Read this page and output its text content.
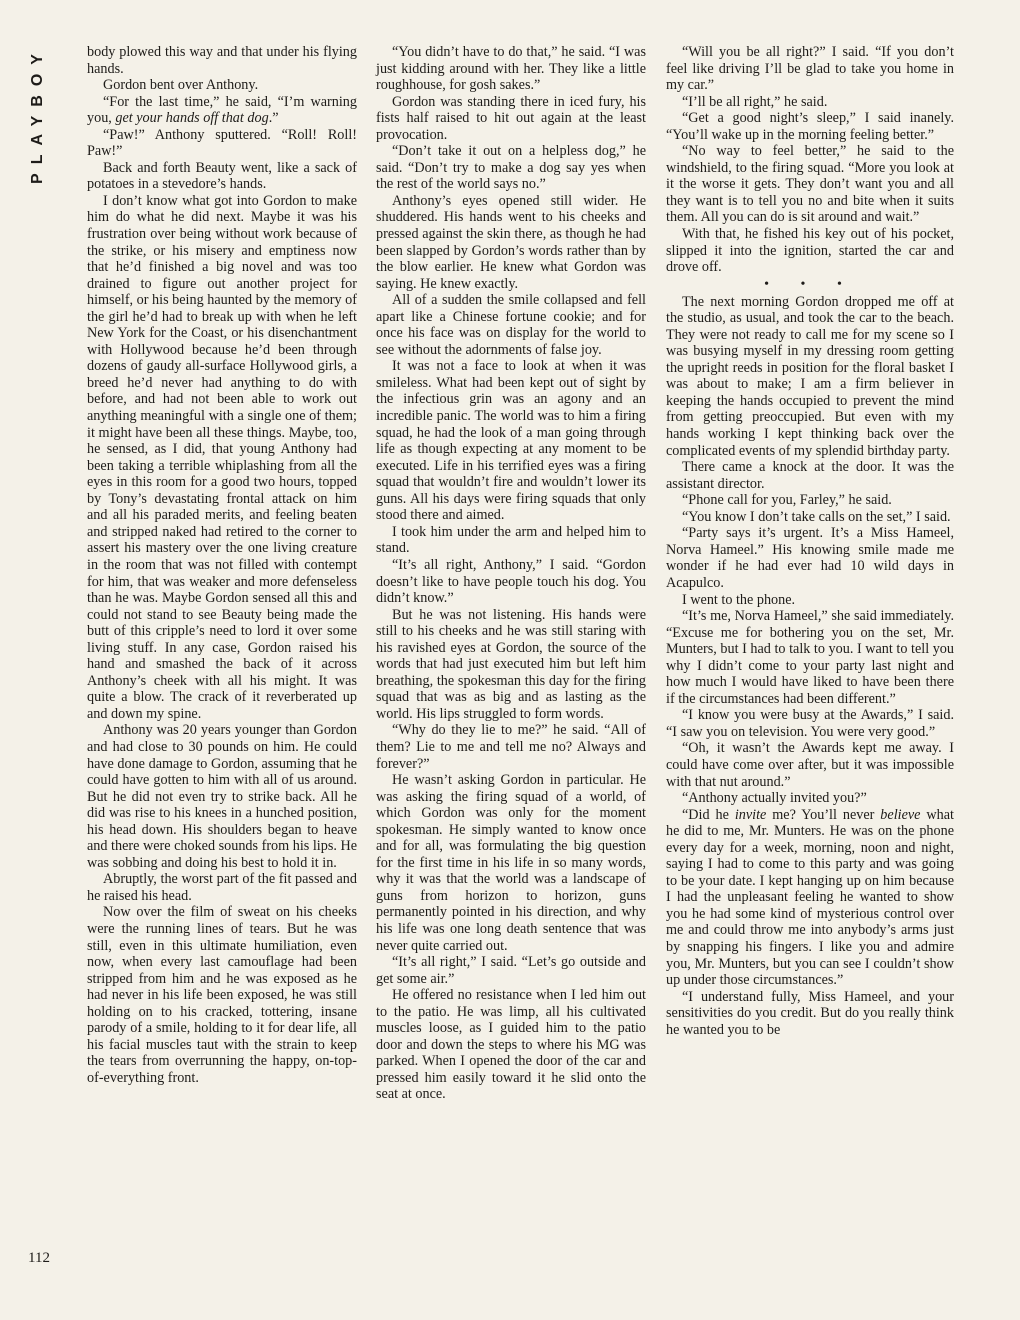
PLAYBOY
112

body plowed this way and that under his flying hands.

Gordon bent over Anthony.

“For the last time,” he said, “I’m warning you, get your hands off that dog.”

“Paw!” Anthony sputtered. “Roll! Roll! Paw!”

Back and forth Beauty went, like a sack of potatoes in a stevedore’s hands.

I don’t know what got into Gordon to make him do what he did next. Maybe it was his frustration over being without work because of the strike, or his misery and emptiness now that he’d finished a big novel and was too drained to figure out another project for himself, or his being haunted by the memory of the girl he’d had to break up with when he left New York for the Coast, or his disenchantment with Hollywood because he’d been through dozens of gaudy all-surface Hollywood girls, a breed he’d never had anything to do with before, and had not been able to work out anything meaningful with a single one of them; it might have been all these things. Maybe, too, he sensed, as I did, that young Anthony had been taking a terrible whiplashing from all the eyes in this room for a good two hours, topped by Tony’s devastating frontal attack on him and all his paraded merits, and feeling beaten and stripped naked had retired to the corner to assert his mastery over the one living creature in the room that was not filled with contempt for him, that was weaker and more defenseless than he was. Maybe Gordon sensed all this and could not stand to see Beauty being made the butt of this cripple’s need to lord it over some living stuff. In any case, Gordon raised his hand and smashed the back of it across Anthony’s cheek with all his might. It was quite a blow. The crack of it reverberated up and down my spine.

Anthony was 20 years younger than Gordon and had close to 30 pounds on him. He could have done damage to Gordon, assuming that he could have gotten to him with all of us around. But he did not even try to strike back. All he did was rise to his knees in a hunched position, his head down. His shoulders began to heave and there were choked sounds from his lips. He was sobbing and doing his best to hold it in.

Abruptly, the worst part of the fit passed and he raised his head.

Now over the film of sweat on his cheeks were the running lines of tears. But he was still, even in this ultimate humiliation, even now, when every last camouflage had been stripped from him and he was exposed as he had never in his life been exposed, he was still holding on to his cracked, tottering, insane parody of a smile, holding to it for dear life, all his facial muscles taut with the strain to keep the tears from overrunning the happy, on-top-of-everything front.

“You didn’t have to do that,” he said. “I was just kidding around with her. They like a little roughhouse, for gosh sakes.”

Gordon was standing there in iced fury, his fists half raised to hit out again at the least provocation.

“Don’t take it out on a helpless dog,” he said. “Don’t try to make a dog say yes when the rest of the world says no.”

Anthony’s eyes opened still wider. He shuddered. His hands went to his cheeks and pressed against the skin there, as though he had been slapped by Gordon’s words rather than by the blow earlier. He knew what Gordon was saying. He knew exactly.

All of a sudden the smile collapsed and fell apart like a Chinese fortune cookie; and for once his face was on display for the world to see without the adornments of false joy.

It was not a face to look at when it was smileless. What had been kept out of sight by the infectious grin was an agony and an incredible panic. The world was to him a firing squad, he had the look of a man going through life as though expecting at any moment to be executed. Life in his terrified eyes was a firing squad that wouldn’t fire and wouldn’t lower its guns. All his days were firing squads that only stood there and aimed.

I took him under the arm and helped him to stand.

“It’s all right, Anthony,” I said. “Gordon doesn’t like to have people touch his dog. You didn’t know.”

But he was not listening. His hands were still to his cheeks and he was still staring with his ravished eyes at Gordon, the source of the words that had just executed him but left him breathing, the spokesman this day for the firing squad that was as big and as lasting as the world. His lips struggled to form words.

“Why do they lie to me?” he said. “All of them? Lie to me and tell me no? Always and forever?”

He wasn’t asking Gordon in particular. He was asking the firing squad of a world, of which Gordon was only for the moment spokesman. He simply wanted to know once and for all, was formulating the big question for the first time in his life in so many words, why it was that the world was a landscape of guns from horizon to horizon, guns permanently pointed in his direction, and why his life was one long death sentence that was never quite carried out.

“It’s all right,” I said. “Let’s go outside and get some air.”

He offered no resistance when I led him out to the patio. He was limp, all his cultivated muscles loose, as I guided him to the patio door and down the steps to where his MG was parked. When I opened the door of the car and pressed him easily toward it he slid onto the seat at once.

“Will you be all right?” I said. “If you don’t feel like driving I’ll be glad to take you home in my car.”

“I’ll be all right,” he said.

“Get a good night’s sleep,” I said inanely. “You’ll wake up in the morning feeling better.”

“No way to feel better,” he said to the windshield, to the firing squad. “More you look at it the worse it gets. They don’t want you and all they want is to tell you no and bite when it suits them. All you can do is sit around and wait.”

With that, he fished his key out of his pocket, slipped it into the ignition, started the car and drove off.

• • •

The next morning Gordon dropped me off at the studio, as usual, and took the car to the beach. They were not ready to call me for my scene so I was busying myself in my dressing room getting the upright reeds in position for the floral basket I was about to make; I am a firm believer in keeping the hands occupied to prevent the mind from getting preoccupied. But even with my hands working I kept thinking back over the complicated events of my splendid birthday party.

There came a knock at the door. It was the assistant director.

“Phone call for you, Farley,” he said.

“You know I don’t take calls on the set,” I said.

“Party says it’s urgent. It’s a Miss Hameel, Norva Hameel.” His knowing smile made me wonder if he had ever had 10 wild days in Acapulco.

I went to the phone.

“It’s me, Norva Hameel,” she said immediately. “Excuse me for bothering you on the set, Mr. Munters, but I had to talk to you. I want to tell you why I didn’t come to your party last night and how much I would have liked to have been there if the circumstances had been different.”

“I know you were busy at the Awards,” I said. “I saw you on television. You were very good.”

“Oh, it wasn’t the Awards kept me away. I could have come over after, but it was impossible with that nut around.”

“Anthony actually invited you?”

“Did he invite me? You’ll never believe what he did to me, Mr. Munters. He was on the phone every day for a week, morning, noon and night, saying I had to come to this party and was going to be your date. I kept hanging up on him because I had the unpleasant feeling he wanted to show you he had some kind of mysterious control over me and could throw me into anybody’s arms just by snapping his fingers. I like you and admire you, Mr. Munters, but you can see I couldn’t show up under those circumstances.”

“I understand fully, Miss Hameel, and your sensitivities do you credit. But do you really think he wanted you to be
